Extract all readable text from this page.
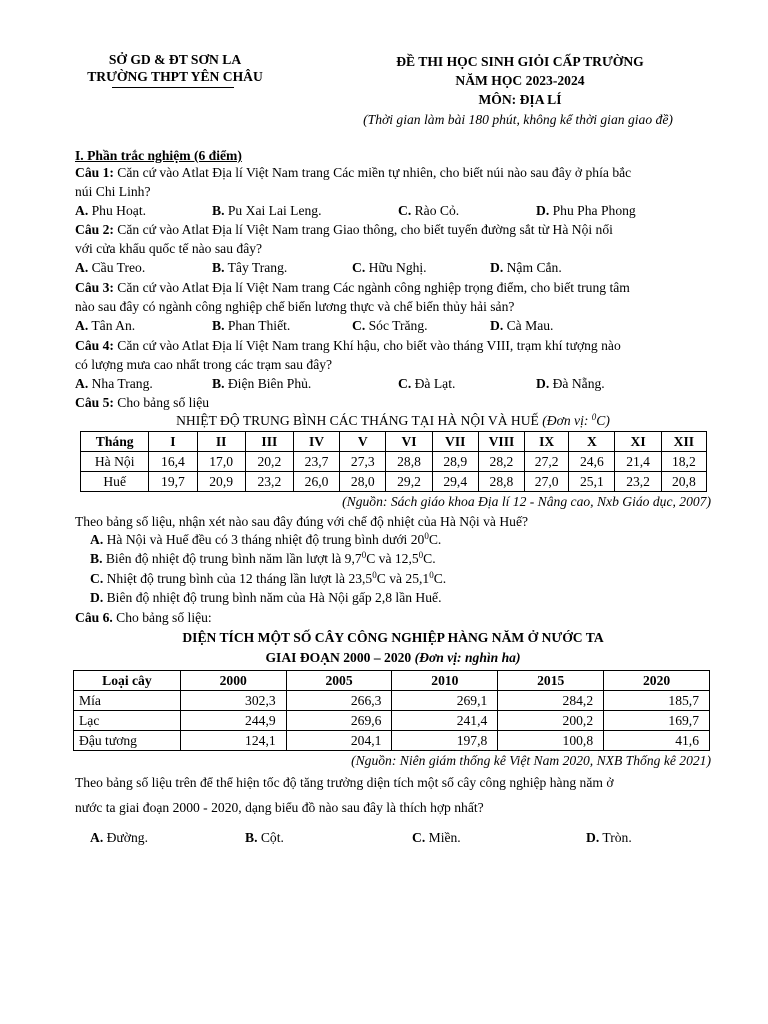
SỞ GD & ĐT SƠN LA
TRƯỜNG THPT YÊN CHÂU
ĐỀ THI HỌC SINH GIỎI CẤP TRƯỜNG
NĂM HỌC 2023-2024
MÔN: ĐỊA LÍ
(Thời gian làm bài 180 phút, không kể thời gian giao đề)
I. Phần trắc nghiệm (6 điểm)
Câu 1: Căn cứ vào Atlat Địa lí Việt Nam trang Các miền tự nhiên, cho biết núi nào sau đây ở phía bắc
núi Chi Linh?
A. Phu Hoạt.	B. Pu Xai Lai Leng.	C. Rào Cỏ.	D. Phu Pha Phong
Câu 2: Căn cứ vào Atlat Địa lí Việt Nam trang Giao thông, cho biết tuyến đường sắt từ Hà Nội nối
với cửa khẩu quốc tế nào sau đây?
A. Cầu Treo.	B. Tây Trang.	C. Hữu Nghị.	D. Nậm Cắn.
Câu 3: Căn cứ vào Atlat Địa lí Việt Nam trang Các ngành công nghiệp trọng điểm, cho biết trung tâm
nào sau đây có ngành công nghiệp chế biến lương thực và chế biến thủy hải sản?
A. Tân An.	B. Phan Thiết.	C. Sóc Trăng.	D. Cà Mau.
Câu 4: Căn cứ vào Atlat Địa lí Việt Nam trang Khí hậu, cho biết vào tháng VIII, trạm khí tượng nào
có lượng mưa cao nhất trong các trạm sau đây?
A. Nha Trang.	B. Điện Biên Phủ.	C. Đà Lạt.	D. Đà Nẵng.
Câu 5: Cho bảng số liệu
NHIỆT ĐỘ TRUNG BÌNH CÁC THÁNG TẠI HÀ NỘI VÀ HUẾ (Đơn vị: $^0$C)
Tháng	I	II	III	IV	V	VI	VII	VIII	IX	X	XI	XII
Hà Nội	16,4	17,0	20,2	23,7	27,3	28,8	28,9	28,2	27,2	24,6	21,4	18,2
Huế	19,7	20,9	23,2	26,0	28,0	29,2	29,4	28,8	27,0	25,1	23,2	20,8
(Nguồn: Sách giáo khoa Địa lí 12 - Nâng cao, Nxb Giáo dục, 2007)
Theo bảng số liệu, nhận xét nào sau đây đúng với chế độ nhiệt của Hà Nội và Huế?
A. Hà Nội và Huế đều có 3 tháng nhiệt độ trung bình dưới $20^0C$.
B. Biên độ nhiệt độ trung bình năm lần lượt là $9,7^0C$ và 12,5$^0$C.
C. Nhiệt độ trung bình của 12 tháng lần lượt là 23,5$^0$C và 25,1$^0$C.
D. Biên độ nhiệt độ trung bình năm của Hà Nội gấp 2,8 lần Huế.
Câu 6. Cho bảng số liệu:
DIỆN TÍCH MỘT SỐ CÂY CÔNG NGHIỆP HÀNG NĂM Ở NƯỚC TA
GIAI ĐOẠN 2000 – 2020 (Đơn vị: nghìn ha)
Loại cây	2000	2005	2010	2015	2020
Mía	302,3	266,3	269,1	284,2	185,7
Lạc	244,9	269,6	241,4	200,2	169,7
Đậu tương	124,1	204,1	197,8	100,8	41,6
(Nguồn: Niên giám thống kê Việt Nam 2020, NXB Thống kê 2021)
Theo bảng số liệu trên để thể hiện tốc độ tăng trưởng diện tích một số cây công nghiệp hàng năm ở
nước ta giai đoạn 2000 - 2020, dạng biểu đồ nào sau đây là thích hợp nhất?
A. Đường.	B. Cột.	C. Miền.	D. Tròn.
